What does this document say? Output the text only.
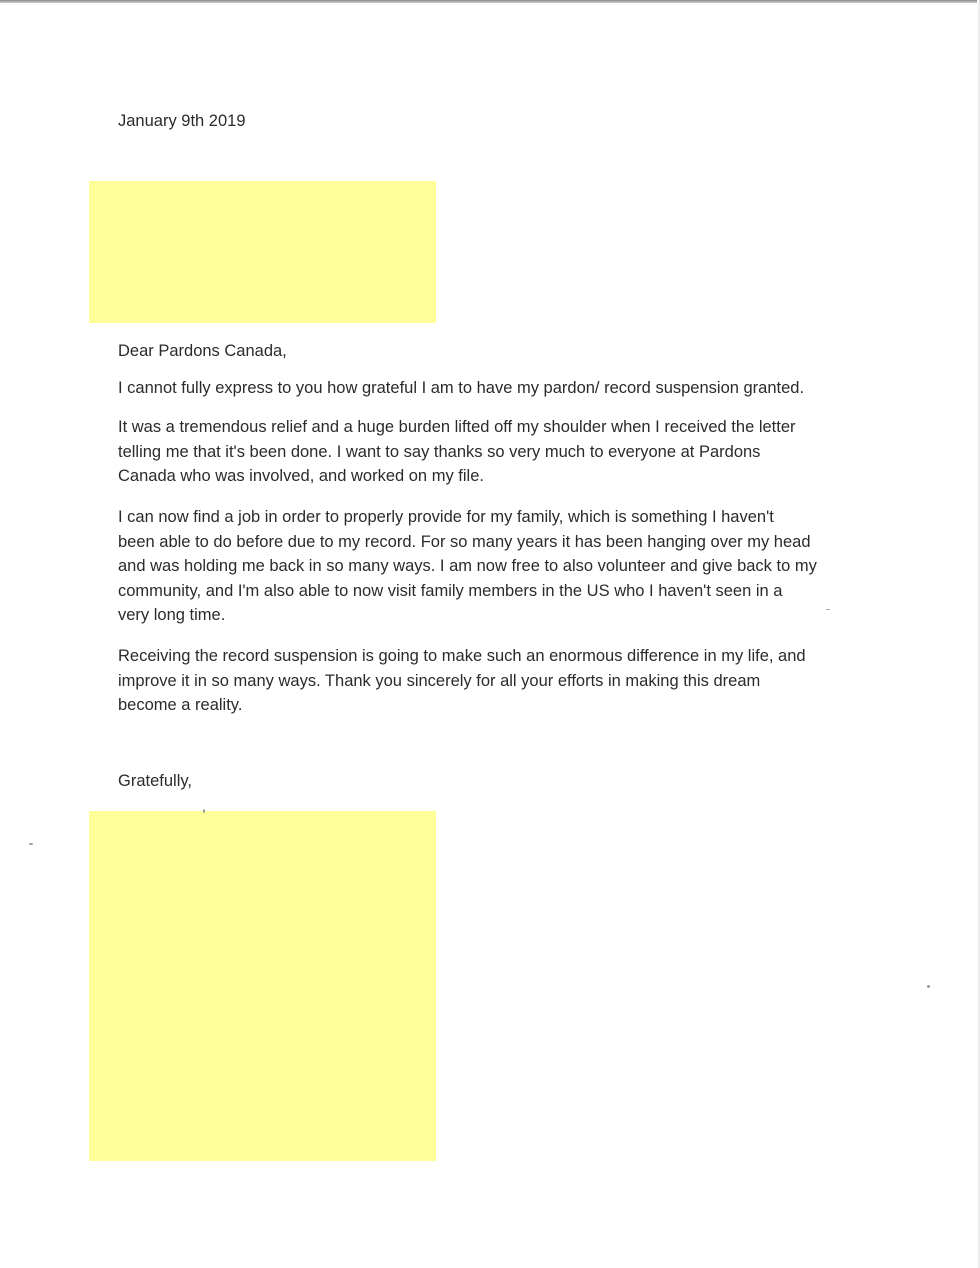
January 9th 2019

Dear Pardons Canada,

I cannot fully express to you how grateful I am to have my pardon/ record suspension granted.
It was a tremendous relief and a huge burden lifted off my shoulder when I received the letter
telling me that it's been done. I want to say thanks so very much to everyone at Pardons
Canada who was involved, and worked on my file.
I can now find a job in order to properly provide for my family, which is something I haven't
been able to do before due to my record. For so many years it has been hanging over my head
and was holding me back in so many ways. I am now free to also volunteer and give back to my
community, and I'm also able to now visit family members in the US who I haven't seen in a
very long time.
Receiving the record suspension is going to make such an enormous difference in my life, and
improve it in so many ways. Thank you sincerely for all your efforts in making this dream
become a reality.

Gratefully,
